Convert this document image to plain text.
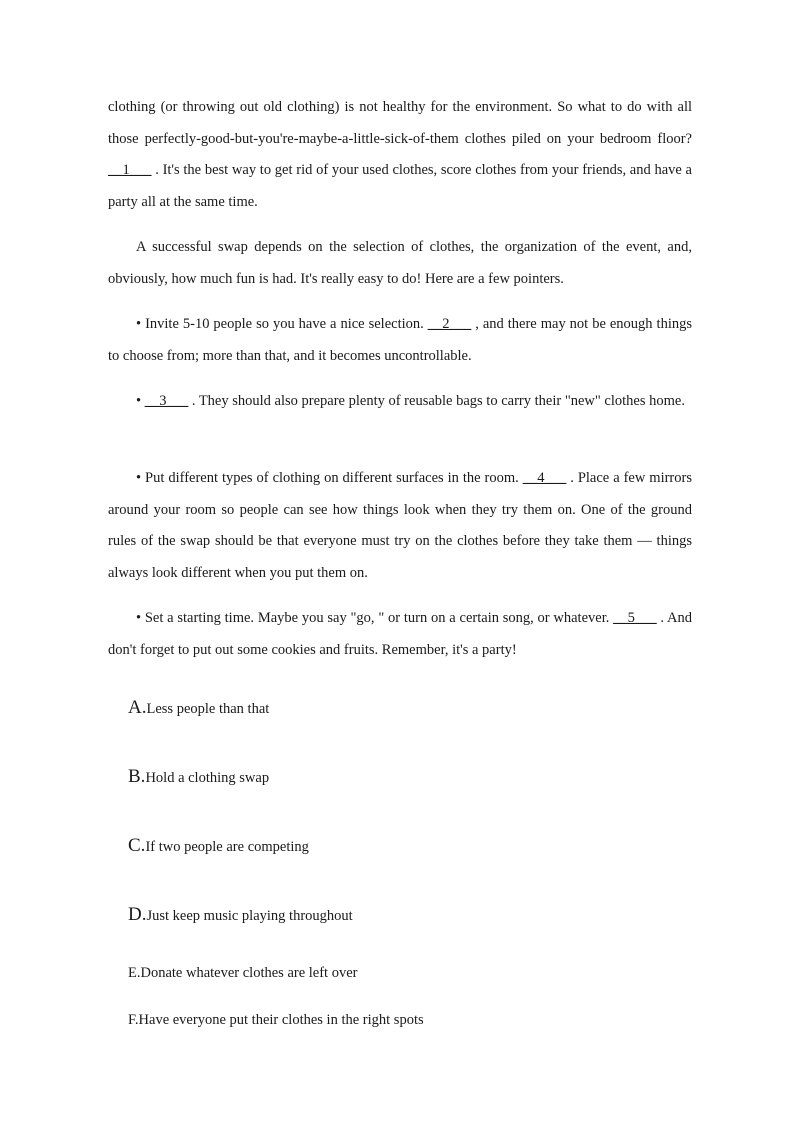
clothing (or throwing out old clothing) is not healthy for the environment. So what to do with all those perfectly-good-but-you're-maybe-a-little-sick-of-them clothes piled on your bedroom floor? __1___ . It's the best way to get rid of your used clothes, score clothes from your friends, and have a party all at the same time.

A successful swap depends on the selection of clothes, the organization of the event, and, obviously, how much fun is had. It's really easy to do! Here are a few pointers.

• Invite 5-10 people so you have a nice selection. __2___ , and there may not be enough things to choose from; more than that, and it becomes uncontrollable.

• __3___ . They should also prepare plenty of reusable bags to carry their "new" clothes home.

• Put different types of clothing on different surfaces in the room. __4___ . Place a few mirrors around your room so people can see how things look when they try them on. One of the ground rules of the swap should be that everyone must try on the clothes before they take them — things always look different when you put them on.

• Set a starting time. Maybe you say "go, " or turn on a certain song, or whatever. __5___ . And don't forget to put out some cookies and fruits. Remember, it's a party!

A.Less people than that

B.Hold a clothing swap

C.If two people are competing

D.Just keep music playing throughout

E.Donate whatever clothes are left over

F.Have everyone put their clothes in the right spots
